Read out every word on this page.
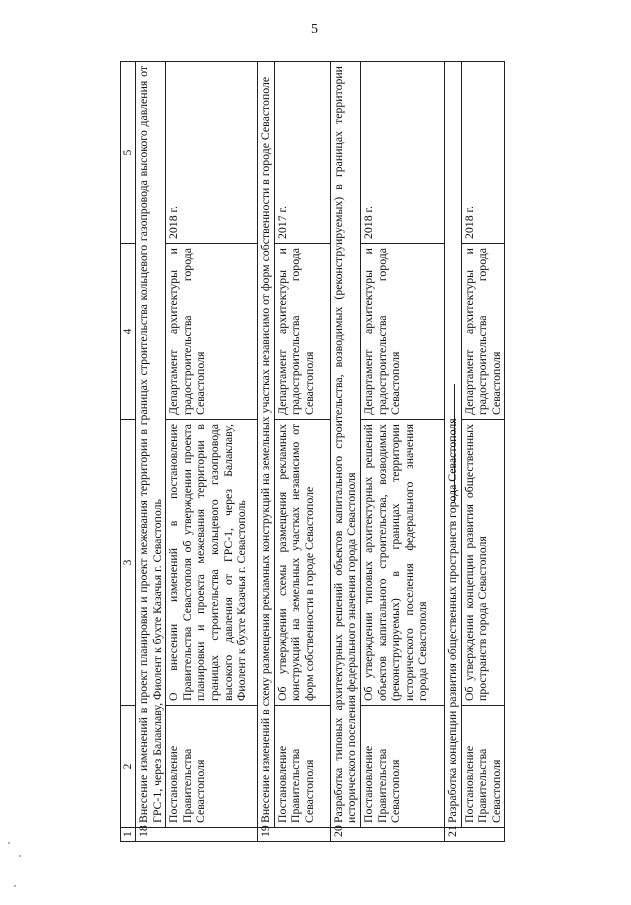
5
1	2	3	4	5
18	Внесение изменений в проект планировки и проект межевания территории в границах строительства кольцевого газопровода высокого давления от ГРС-1, через Балаклаву, Фиолент к бухте Казачья г. Севастополь			
	Постановление Правительства Севастополя	О внесении изменений в постановление Правительства Севастополя об утверждении проекта планировки и проекта межевания территории в границах строительства кольцевого газопровода высокого давления от ГРС-1, через Балаклаву, Фиолент к бухте Казачья г. Севастополь	Департамент архитектуры и градостроительства города Севастополя	2018 г.
19	Внесение изменений в схему размещения рекламных конструкций на земельных участках независимо от форм собственности в городе Севастополе			
	Постановление Правительства Севастополя	Об утверждении схемы размещения рекламных конструкций на земельных участках независимо от форм собственности в городе Севастополе	Департамент архитектуры и градостроительства города Севастополя	2017 г.
20	Разработка типовых архитектурных решений объектов капитального строительства, возводимых (реконструируемых) в границах территории исторического поселения федерального значения города Севастополя			
	Постановление Правительства Севастополя	Об утверждении типовых архитектурных решений объектов капитального строительства, возводимых (реконструируемых) в границах территории исторического поселения федерального значения города Севастополя	Департамент архитектуры и градостроительства города Севастополя	2018 г.
21	Разработка концепции развития общественных пространств города Севастополя			
	Постановление Правительства Севастополя	Об утверждении концепции развития общественных пространств города Севастополя	Департамент архитектуры и градостроительства города Севастополя	2018 г.
